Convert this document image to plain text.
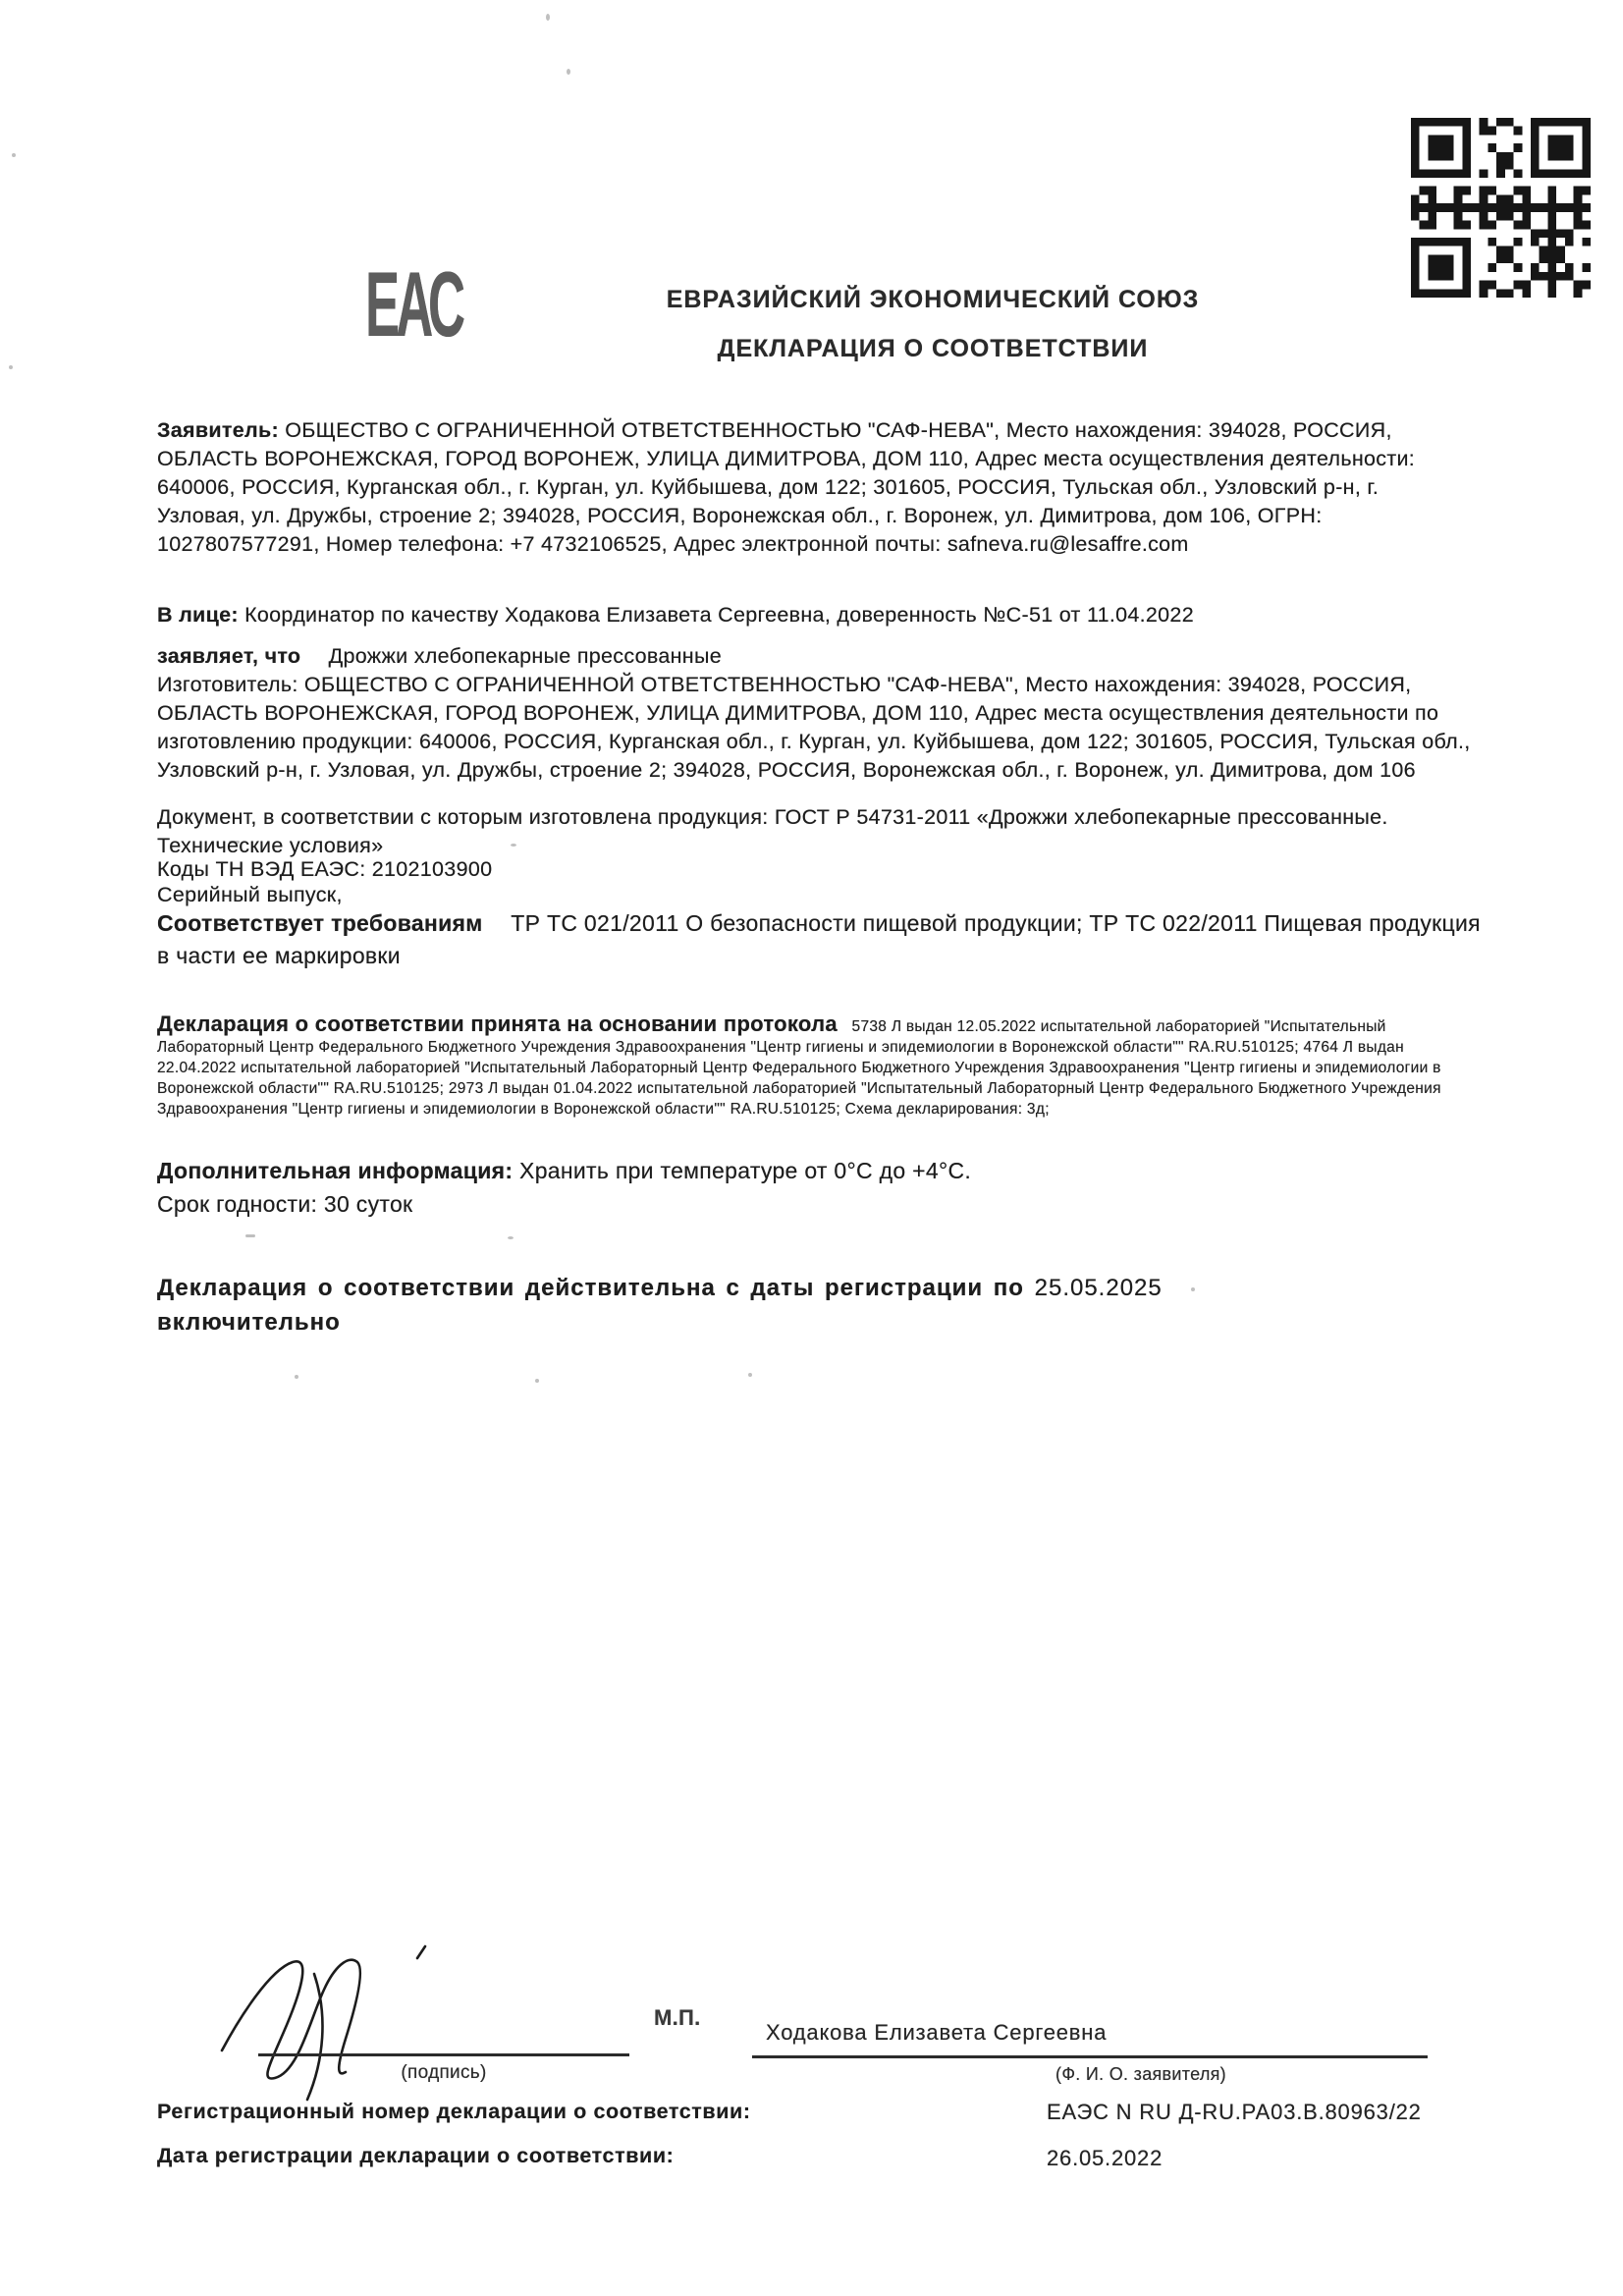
ЕАС	ЕВРАЗИЙСКИЙ ЭКОНОМИЧЕСКИЙ СОЮЗ
ДЕКЛАРАЦИЯ О СООТВЕТСТВИИ

Заявитель: ОБЩЕСТВО С ОГРАНИЧЕННОЙ ОТВЕТСТВЕННОСТЬЮ "САФ-НЕВА", Место нахождения: 394028, РОССИЯ, ОБЛАСТЬ ВОРОНЕЖСКАЯ, ГОРОД ВОРОНЕЖ, УЛИЦА ДИМИТРОВА, ДОМ 110, Адрес места осуществления деятельности: 640006, РОССИЯ, Курганская обл., г. Курган, ул. Куйбышева, дом 122; 301605, РОССИЯ, Тульская обл., Узловский р-н, г. Узловая, ул. Дружбы, строение 2; 394028, РОССИЯ, Воронежская обл., г. Воронеж, ул. Димитрова, дом 106, ОГРН: 1027807577291, Номер телефона: +7 4732106525, Адрес электронной почты: safneva.ru@lesaffre.com

В лице: Координатор по качеству Ходакова Елизавета Сергеевна, доверенность №С-51 от 11.04.2022

заявляет, что Дрожжи хлебопекарные прессованные

Изготовитель: ОБЩЕСТВО С ОГРАНИЧЕННОЙ ОТВЕТСТВЕННОСТЬЮ "САФ-НЕВА", Место нахождения: 394028, РОССИЯ, ОБЛАСТЬ ВОРОНЕЖСКАЯ, ГОРОД ВОРОНЕЖ, УЛИЦА ДИМИТРОВА, ДОМ 110, Адрес места осуществления деятельности по изготовлению продукции: 640006, РОССИЯ, Курганская обл., г. Курган, ул. Куйбышева, дом 122; 301605, РОССИЯ, Тульская обл., Узловский р-н, г. Узловая, ул. Дружбы, строение 2; 394028, РОССИЯ, Воронежская обл., г. Воронеж, ул. Димитрова, дом 106

Документ, в соответствии с которым изготовлена продукция: ГОСТ Р 54731-2011 «Дрожжи хлебопекарные прессованные. Технические условия»

Коды ТН ВЭД ЕАЭС: 2102103900

Серийный выпуск,

Соответствует требованиям ТР ТС 021/2011 О безопасности пищевой продукции; ТР ТС 022/2011 Пищевая продукция в части ее маркировки

Декларация о соответствии принята на основании протокола 5738 Л выдан 12.05.2022 испытательной лабораторией "Испытательный Лабораторный Центр Федерального Бюджетного Учреждения Здравоохранения "Центр гигиены и эпидемиологии в Воронежской области"" RA.RU.510125; 4764 Л выдан 22.04.2022 испытательной лабораторией "Испытательный Лабораторный Центр Федерального Бюджетного Учреждения Здравоохранения "Центр гигиены и эпидемиологии в Воронежской области"" RA.RU.510125; 2973 Л выдан 01.04.2022 испытательной лабораторией "Испытательный Лабораторный Центр Федерального Бюджетного Учреждения Здравоохранения "Центр гигиены и эпидемиологии в Воронежской области"" RA.RU.510125; Схема декларирования: 3д;

Дополнительная информация: Хранить при температуре от 0°С до +4°С.

Срок годности: 30 суток

Декларация о соответствии действительна с даты регистрации по 25.05.2025
включительно

(подпись)
М.П.
Ходакова Елизавета Сергеевна
(Ф. И. О. заявителя)
Регистрационный номер декларации о соответствии:	ЕАЭС N RU Д-RU.РА03.В.80963/22
Дата регистрации декларации о соответствии:	26.05.2022
